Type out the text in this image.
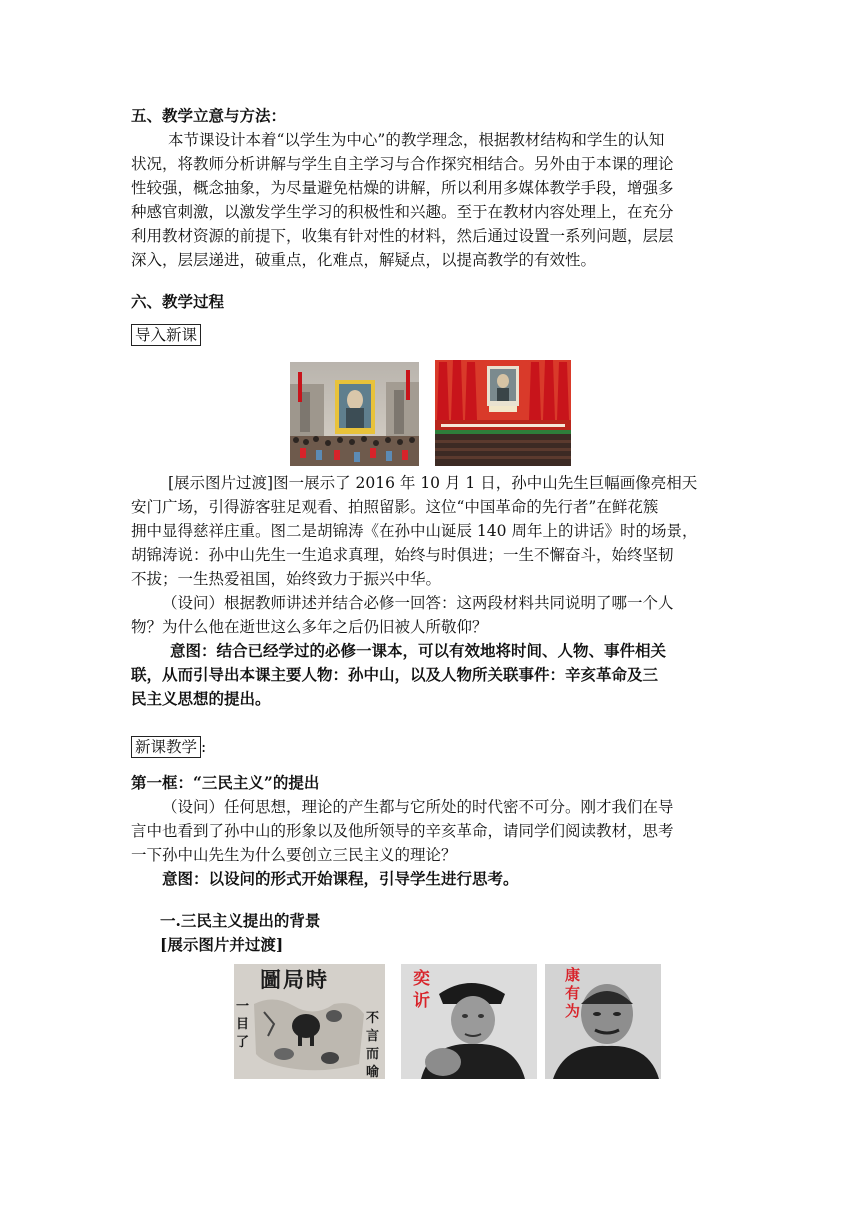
五、教学立意与方法：
本节课设计本着“以学生为中心”的教学理念，根据教材结构和学生的认知
状况，将教师分析讲解与学生自主学习与合作探究相结合。另外由于本课的理论
性较强，概念抽象，为尽量避免枯燥的讲解，所以利用多媒体教学手段，增强多
种感官刺激，以激发学生学习的积极性和兴趣。至于在教材内容处理上，在充分
利用教材资源的前提下，收集有针对性的材料，然后通过设置一系列问题，层层
深入，层层递进，破重点，化难点，解疑点，以提高教学的有效性。
六、教学过程
导入新课
[展示图片过渡]图一展示了 2016 年 10 月 1 日，孙中山先生巨幅画像亮相天
安门广场，引得游客驻足观看、拍照留影。这位“中国革命的先行者”在鲜花簇
拥中显得慈祥庄重。图二是胡锦涛《在孙中山诞辰 140 周年上的讲话》时的场景，
胡锦涛说：孙中山先生一生追求真理，始终与时俱进；一生不懈奋斗，始终坚韧
不拔；一生热爱祖国，始终致力于振兴中华。
（设问）根据教师讲述并结合必修一回答：这两段材料共同说明了哪一个人
物？为什么他在逝世这么多年之后仍旧被人所敬仰？
意图：结合已经学过的必修一课本，可以有效地将时间、人物、事件相关
联，从而引导出本课主要人物：孙中山，以及人物所关联事件：辛亥革命及三
民主义思想的提出。
新课教学 :
第一框：“三民主义”的提出
（设问）任何思想，理论的产生都与它所处的时代密不可分。刚才我们在导
言中也看到了孙中山的形象以及他所领导的辛亥革命，请同学们阅读教材，思考
一下孙中山先生为什么要创立三民主义的理论？
意图：以设问的形式开始课程，引导学生进行思考。
一.三民主义提出的背景
[展示图片并过渡]
圖局時
一目了
不言而喻
奕䜣
康有为
